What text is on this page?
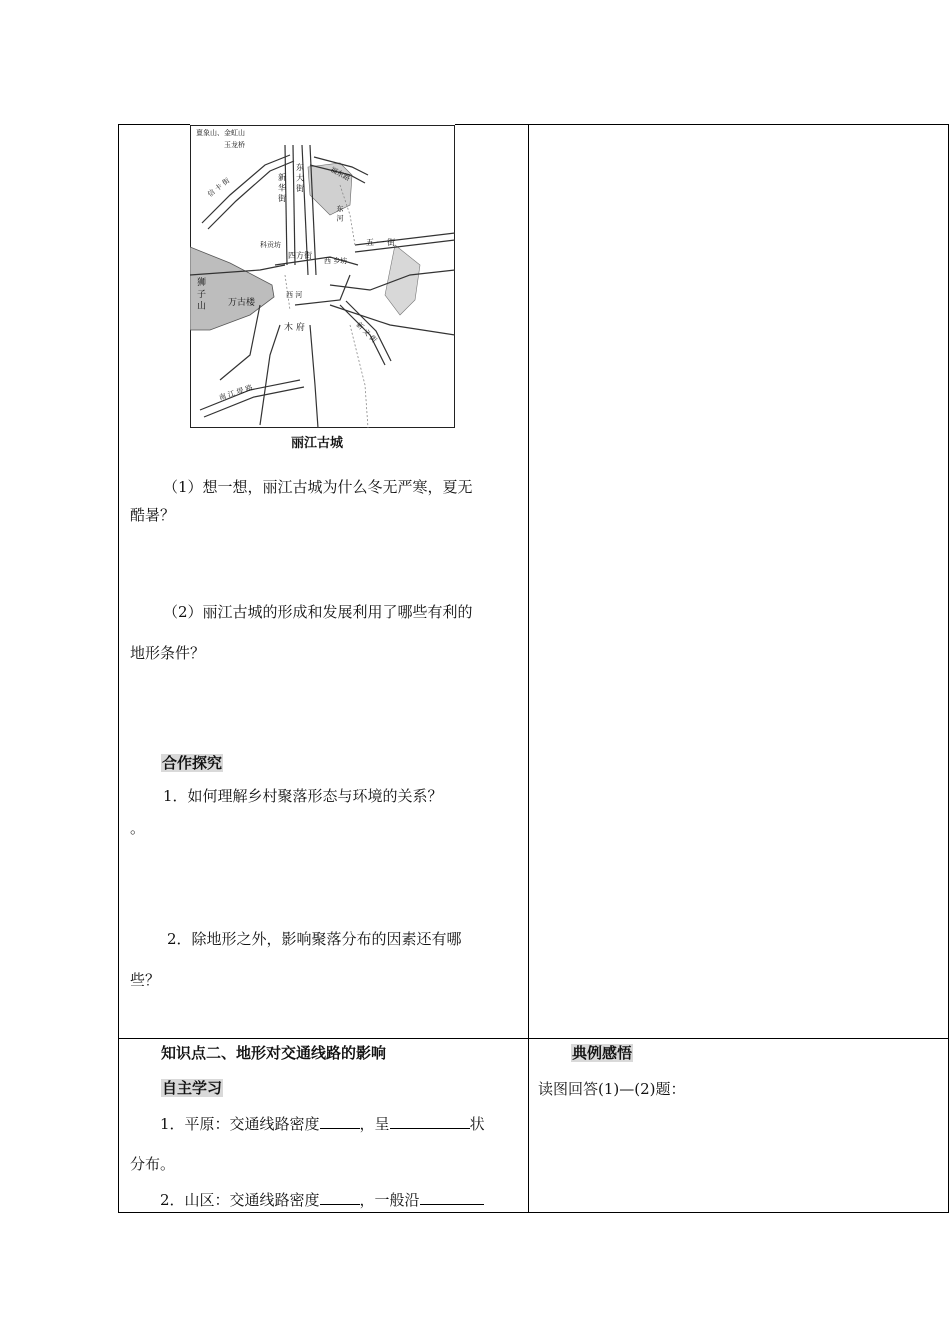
亶象山、金虹山
玉龙桥
信 卡 街	新 华 街 东 大 街	福东路
东 河
五 一 街
科贡坊
四方街
西 乡坊
狮 子 山	万古楼
西 河
木 府	新 义 街
南 江 堤 路
丽江古城
（1）想一想，丽江古城为什么冬无严寒，夏无
酷暑？
（2）丽江古城的形成和发展利用了哪些有利的
地形条件？
合作探究
1．如何理解乡村聚落形态与环境的关系？
。
2．除地形之外，影响聚落分布的因素还有哪
些？
知识点二、地形对交通线路的影响
自主学习
1．平原：交通线路密度	，呈	状
分布。
2．山区：交通线路密度	，一般沿
典例感悟
读图回答(1)—(2)题：
